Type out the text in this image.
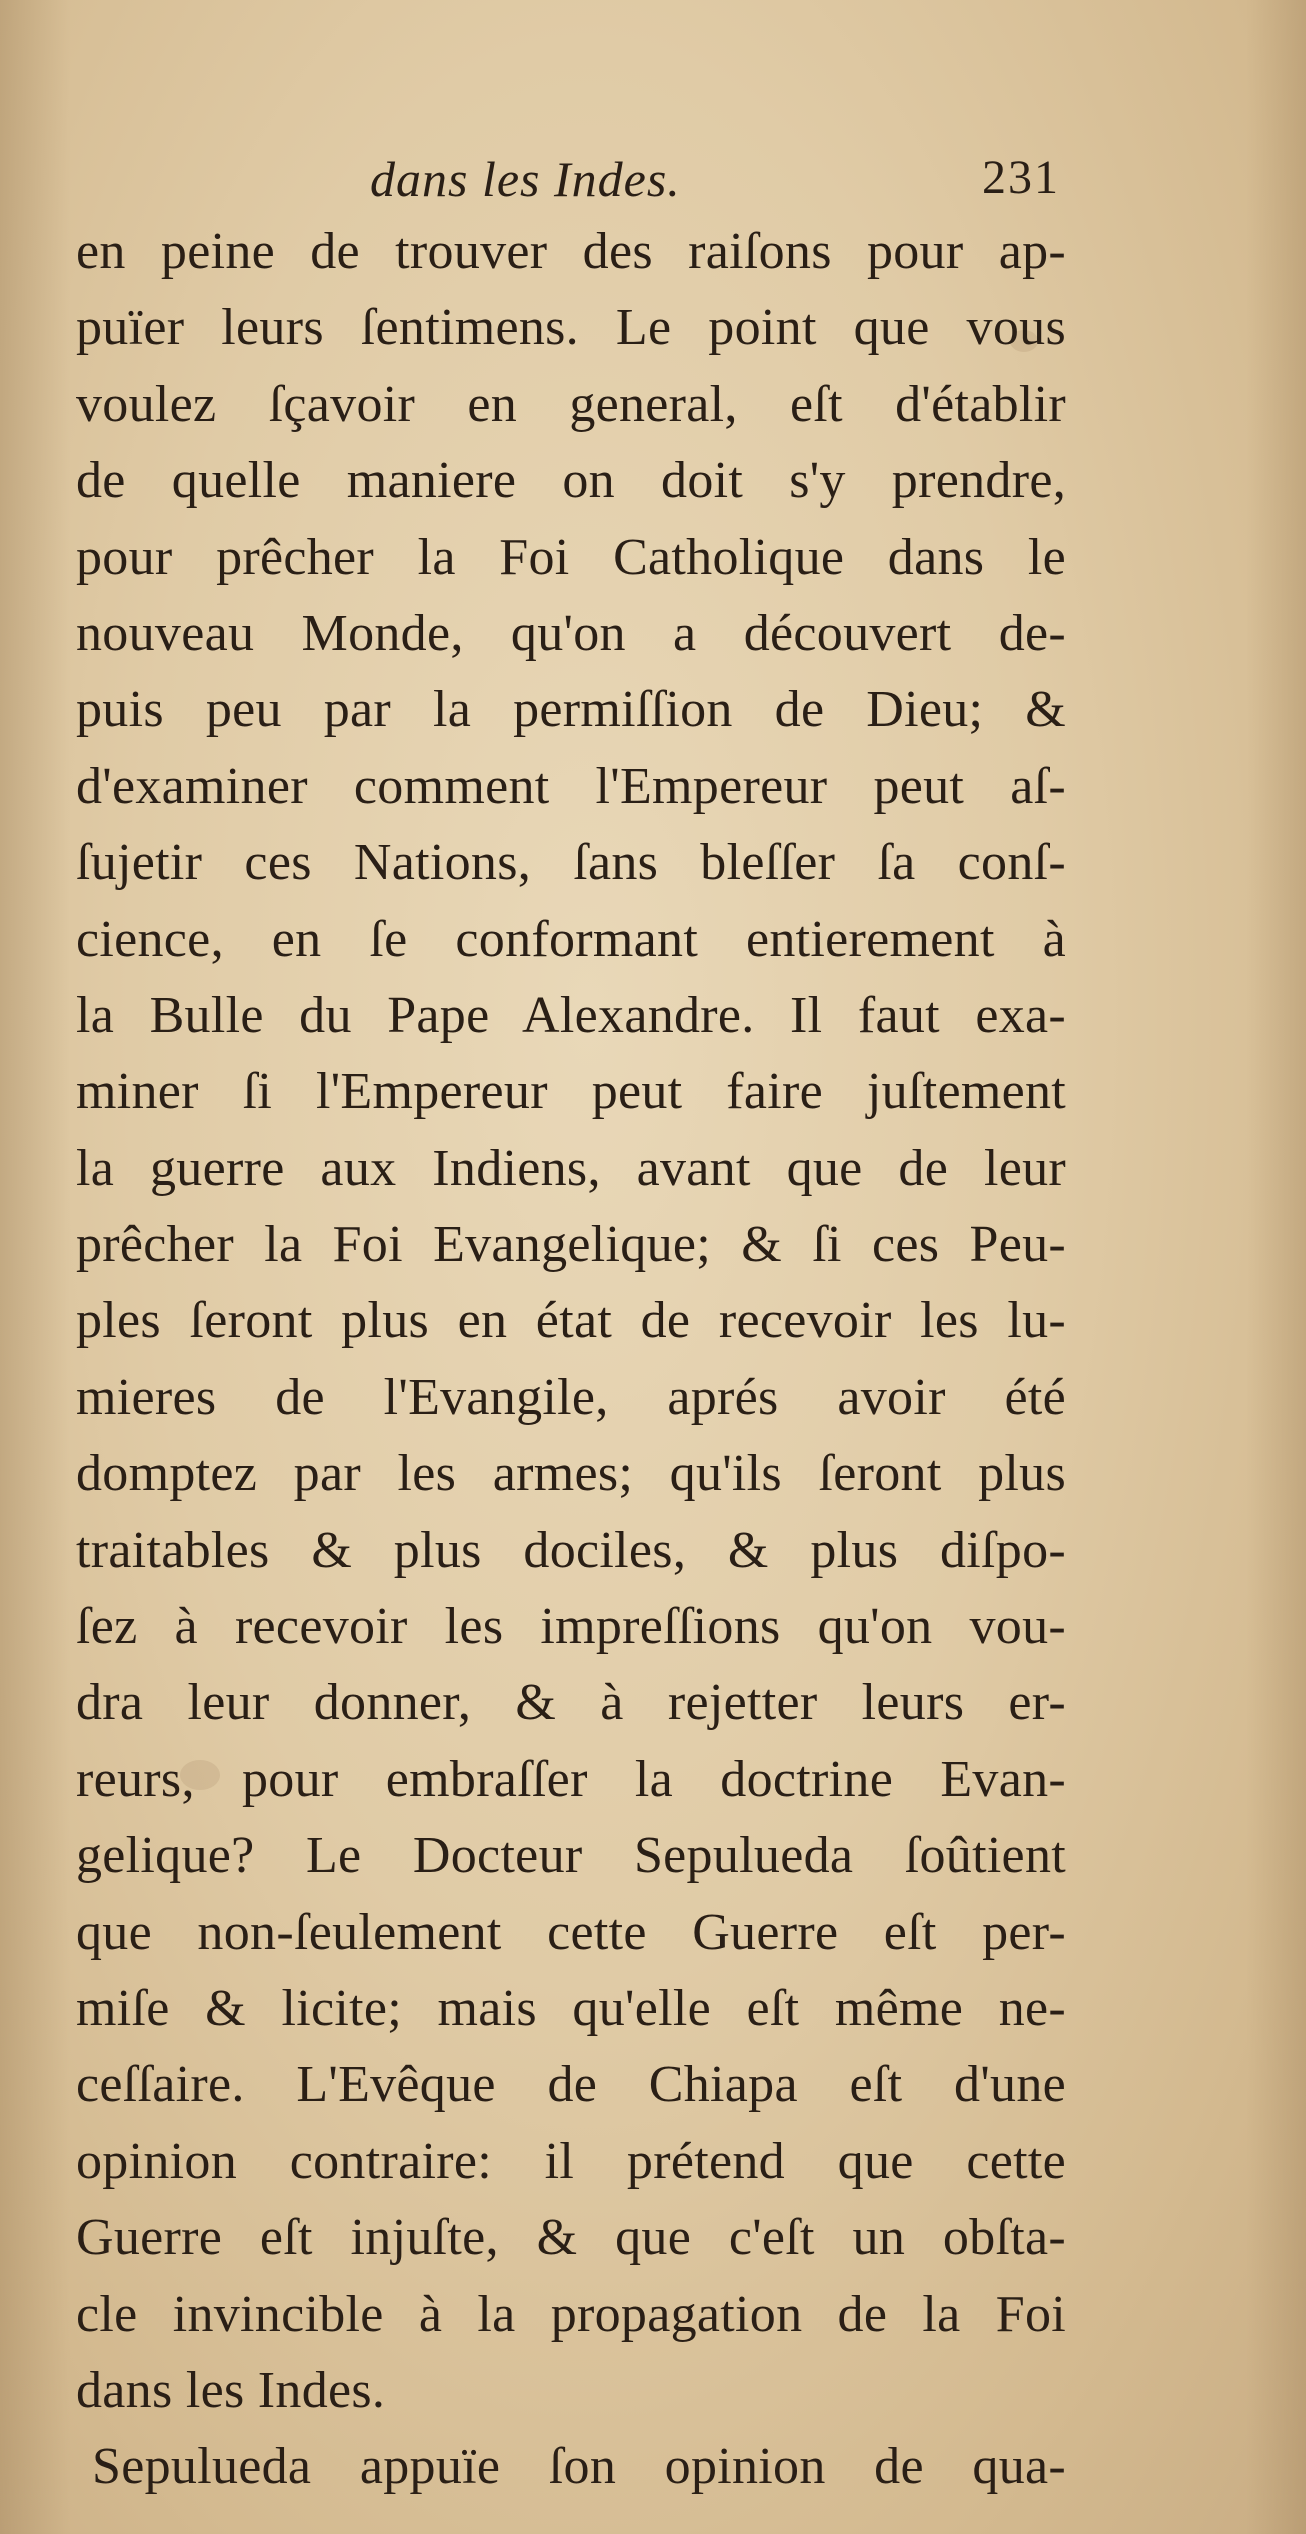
dans les Indes.	231
en peine de trouver des raiſons pour ap-
puïer leurs ſentimens. Le point que vous
voulez ſçavoir en general, eſt d'établir
de quelle maniere on doit s'y prendre,
pour prêcher la Foi Catholique dans le
nouveau Monde, qu'on a découvert de-
puis peu par la permiſſion de Dieu; &
d'examiner comment l'Empereur peut aſ-
ſujetir ces Nations, ſans bleſſer ſa conſ-
cience, en ſe conformant entierement à
la Bulle du Pape Alexandre. Il faut exa-
miner ſi l'Empereur peut faire juſtement
la guerre aux Indiens, avant que de leur
prêcher la Foi Evangelique; & ſi ces Peu-
ples ſeront plus en état de recevoir les lu-
mieres de l'Evangile, aprés avoir été
domptez par les armes; qu'ils ſeront plus
traitables & plus dociles, & plus diſpo-
ſez à recevoir les impreſſions qu'on vou-
dra leur donner, & à rejetter leurs er-
reurs, pour embraſſer la doctrine Evan-
gelique? Le Docteur Sepulueda ſoûtient
que non-ſeulement cette Guerre eſt per-
miſe & licite; mais qu'elle eſt même ne-
ceſſaire. L'Evêque de Chiapa eſt d'une
opinion contraire: il prétend que cette
Guerre eſt injuſte, & que c'eſt un obſta-
cle invincible à la propagation de la Foi
dans les Indes.
Sepulueda appuïe ſon opinion de qua-
